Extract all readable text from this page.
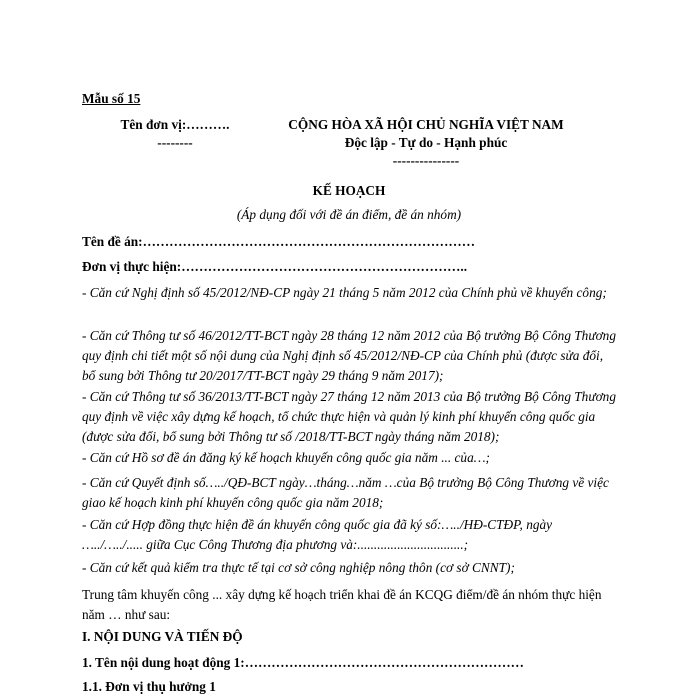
Mẫu số 15
Tên đơn vị:……….
--------
CỘNG HÒA XÃ HỘI CHỦ NGHĨA VIỆT NAM
Độc lập - Tự do - Hạnh phúc
---------------
KẾ HOẠCH
(Áp dụng đối với đề án điểm, đề án nhóm)
Tên đề án:…………………………………………………………………
Đơn vị thực hiện:………………………………………………………..
- Căn cứ Nghị định số 45/2012/NĐ-CP ngày 21 tháng 5 năm 2012 của Chính phủ về khuyến công;
- Căn cứ Thông tư số 46/2012/TT-BCT ngày 28 tháng 12 năm 2012 của Bộ trưởng Bộ Công Thương quy định chi tiết một số nội dung của Nghị định số 45/2012/NĐ-CP của Chính phủ (được sửa đổi, bổ sung bởi Thông tư 20/2017/TT-BCT ngày 29 tháng 9 năm 2017);
- Căn cứ Thông tư số 36/2013/TT-BCT ngày 27 tháng 12 năm 2013 của Bộ trưởng Bộ Công Thương quy định về việc xây dựng kế hoạch, tổ chức thực hiện và quản lý kinh phí khuyến công quốc gia (được sửa đổi, bổ sung bởi Thông tư số /2018/TT-BCT ngày tháng năm 2018);
- Căn cứ Hồ sơ đề án đăng ký kế hoạch khuyến công quốc gia năm ... của…;
- Căn cứ Quyết định số…../QĐ-BCT ngày…tháng…năm …của Bộ trưởng Bộ Công Thương về việc giao kế hoạch kinh phí khuyến công quốc gia năm 2018;
- Căn cứ Hợp đồng thực hiện đề án khuyến công quốc gia đã ký số:…../HĐ-CTĐP, ngày …../…../..... giữa Cục Công Thương địa phương và:................................;
- Căn cứ kết quả kiểm tra thực tế tại cơ sở công nghiệp nông thôn (cơ sở CNNT);
Trung tâm khuyến công ... xây dựng kế hoạch triển khai đề án KCQG điểm/đề án nhóm thực hiện năm … như sau:
I. NỘI DUNG VÀ TIẾN ĐỘ
1. Tên nội dung hoạt động 1:………………………………………………………
1.1. Đơn vị thụ hưởng 1
